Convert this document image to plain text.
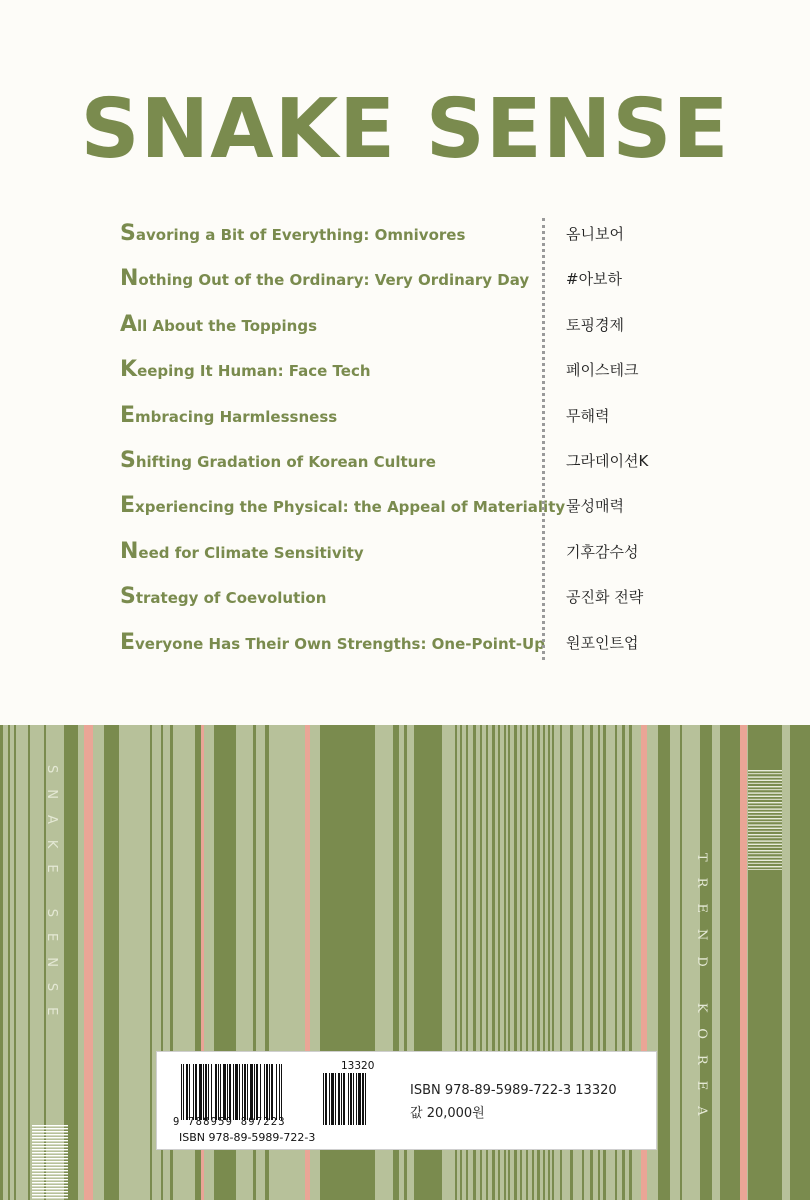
SNAKE SENSE
Savoring a Bit of Everything: Omnivores	옴니보어
Nothing Out of the Ordinary: Very Ordinary Day #아보하
All About the Toppings	토핑경제
Keeping It Human: Face Tech	페이스테크
Embracing Harmlessness	무해력
Shifting Gradation of Korean Culture	그라데이션K
Experiencing the Physical: the Appeal of Materiality 물성매력
Need for Climate Sensitivity	기후감수성
Strategy of Coevolution	공진화 전략
Everyone Has Their Own Strengths: One-Point-Up 원포인트업
SNAKE SENSE	TREND KOREA
9 788959 897223
ISBN 978-89-5989-722-3
13320
ISBN 978-89-5989-722-3 13320
값 20,000원
